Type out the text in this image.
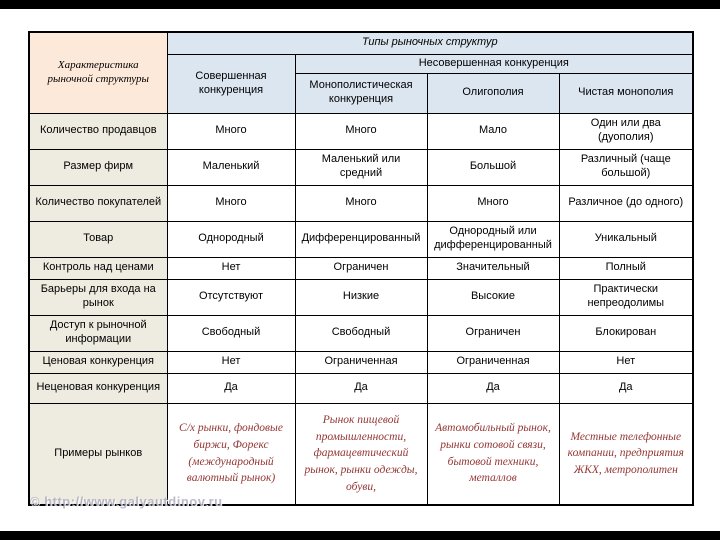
Характеристика рыночной структуры	Типы рыночных структур			
	Совершенная конкуренция	Несовершенная конкуренция		
		Монополистическая конкуренция	Олигополия	Чистая монополия
Количество продавцов	Много	Много	Мало	Один или два (дуополия)
Размер фирм	Маленький	Маленький или средний	Большой	Различный (чаще большой)
Количество покупателей	Много	Много	Много	Различное (до одного)
Товар	Однородный	Дифференцированный	Однородный или дифференцированный	Уникальный
Контроль над ценами	Нет	Ограничен	Значительный	Полный
Барьеры для входа на рынок	Отсутствуют	Низкие	Высокие	Практически непреодолимы
Доступ к рыночной информации	Свободный	Свободный	Ограничен	Блокирован
Ценовая конкуренция	Нет	Ограниченная	Ограниченная	Нет
Неценовая конкуренция	Да	Да	Да	Да
Примеры рынков	С/х рынки, фондовые биржи, Форекс (международный валютный рынок)	Рынок пищевой промышленности, фармацевтический рынок, рынки одежды, обуви,	Автомобильный рынок, рынки сотовой связи, бытовой техники, металлов	Местные телефонные компании, предприятия ЖКХ, метрополитен
© http://www.galyautdinov.ru
